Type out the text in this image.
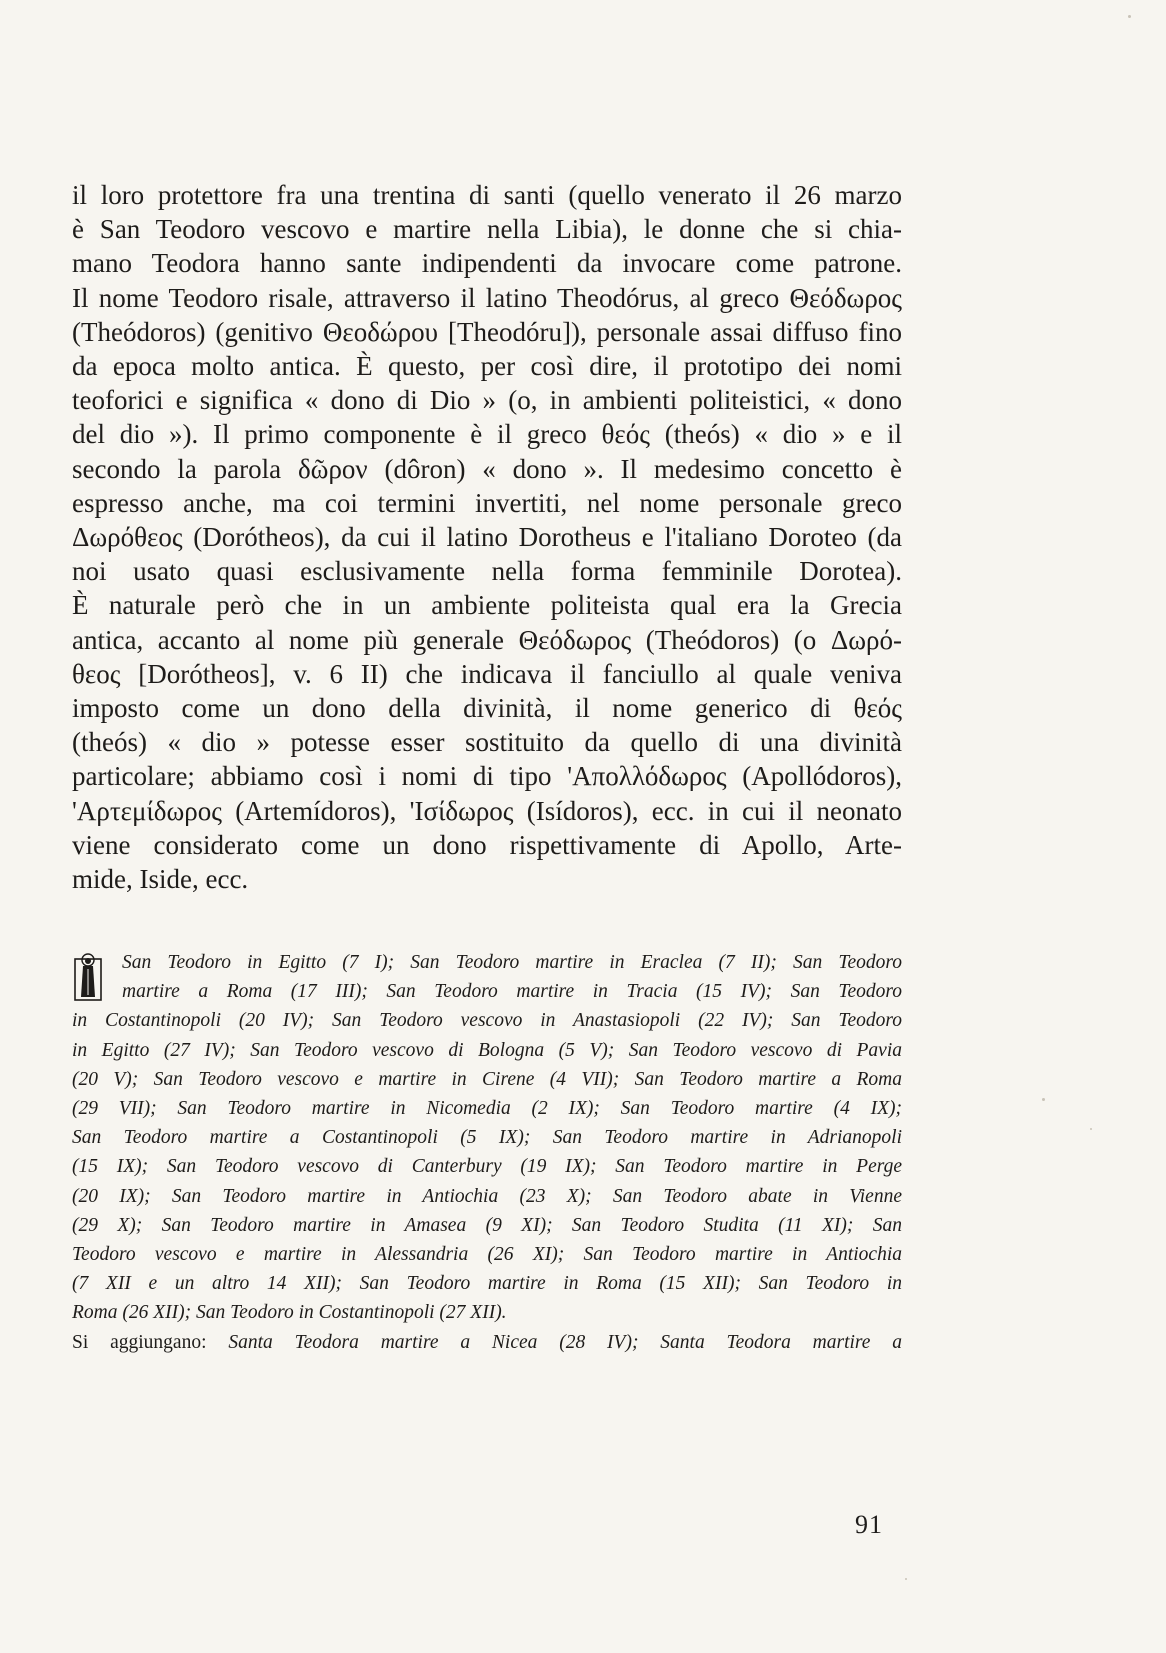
il loro protettore fra una trentina di santi (quello venerato il 26 marzo
è San Teodoro vescovo e martire nella Libia), le donne che si chia-
mano Teodora hanno sante indipendenti da invocare come patrone.
Il nome Teodoro risale, attraverso il latino Theodórus, al greco Θεόδωρος
(Theódoros) (genitivo Θεοδώρου [Theodóru]), personale assai diffuso fino
da epoca molto antica. È questo, per così dire, il prototipo dei nomi
teoforici e significa « dono di Dio » (o, in ambienti politeistici, « dono
del dio »). Il primo componente è il greco θεός (theós) « dio » e il
secondo la parola δῶρον (dôron) « dono ». Il medesimo concetto è
espresso anche, ma coi termini invertiti, nel nome personale greco
Δωρόθεος (Doróthеos), da cui il latino Dorotheus e l'italiano Doroteo (da
noi usato quasi esclusivamente nella forma femminile Dorotea).
È naturale però che in un ambiente politeista qual era la Grecia
antica, accanto al nome più generale Θεόδωρος (Theódoros) (o Δωρό-
θεος [Doróthеos], v. 6 II) che indicava il fanciullo al quale veniva
imposto come un dono della divinità, il nome generico di θεός
(theós) « dio » potesse esser sostituito da quello di una divinità
particolare; abbiamo così i nomi di tipo 'Απολλόδωρος (Apollódoros),
'Αρτεμίδωρος (Artemídoros), 'Ισίδωρος (Isídoros), ecc. in cui il neonato
viene considerato come un dono rispettivamente di Apollo, Arte-
mide, Iside, ecc.
San Teodoro in Egitto (7 I); San Teodoro martire in Eraclea (7 II); San Teodoro
martire a Roma (17 III); San Teodoro martire in Tracia (15 IV); San Teodoro
in Costantinopoli (20 IV); San Teodoro vescovo in Anastasiopoli (22 IV); San Teodoro
in Egitto (27 IV); San Teodoro vescovo di Bologna (5 V); San Teodoro vescovo di Pavia
(20 V); San Teodoro vescovo e martire in Cirene (4 VII); San Teodoro martire a Roma
(29 VII); San Teodoro martire in Nicomedia (2 IX); San Teodoro martire (4 IX);
San Teodoro martire a Costantinopoli (5 IX); San Teodoro martire in Adrianopoli
(15 IX); San Teodoro vescovo di Canterbury (19 IX); San Teodoro martire in Perge
(20 IX); San Teodoro martire in Antiochia (23 X); San Teodoro abate in Vienne
(29 X); San Teodoro martire in Amasea (9 XI); San Teodoro Studita (11 XI); San
Teodoro vescovo e martire in Alessandria (26 XI); San Teodoro martire in Antiochia
(7 XII e un altro 14 XII); San Teodoro martire in Roma (15 XII); San Teodoro in
Roma (26 XII); San Teodoro in Costantinopoli (27 XII).
Si aggiungano: Santa Teodora martire a Nicea (28 IV); Santa Teodora martire a
91
